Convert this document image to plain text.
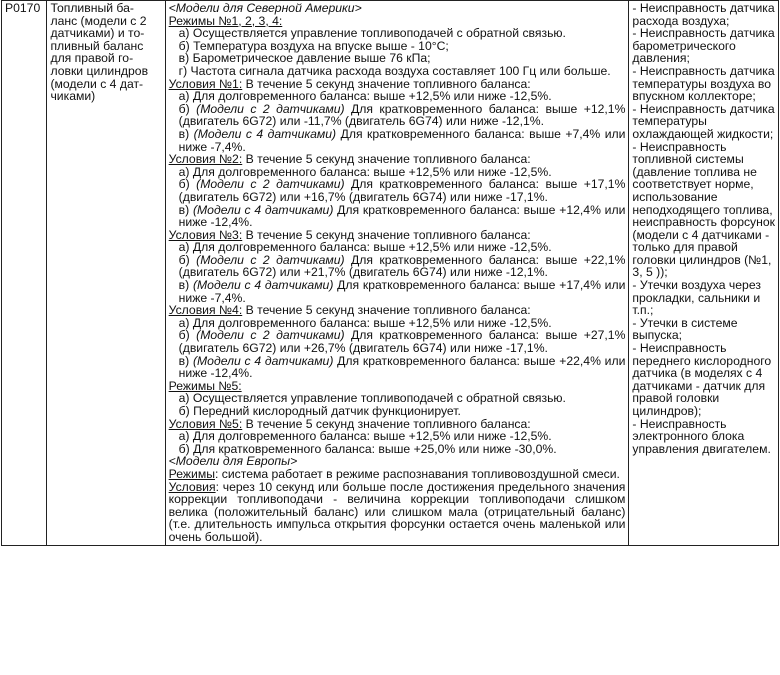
P0170	Топливный ба-
ланс (модели с 2
датчиками) и то-
пливный баланс
для правой го-
ловки цилиндров
(модели с 4 дат-
чиками)

<Модели для Северной Америки>
Режимы №1, 2, 3, 4:
а) Осуществляется управление топливоподачей с обратной связью.
б) Температура воздуха на впуске выше - 10°С;
в) Барометрическое давление выше 76 кПа;
г) Частота сигнала датчика расхода воздуха составляет 100 Гц или больше.
Условия №1: В течение 5 секунд значение топливного баланса:
а) Для долговременного баланса: выше +12,5% или ниже -12,5%.
б) (Модели с 2 датчиками) Для кратковременного баланса: выше +12,1% (двигатель 6G72) или -11,7% (двигатель 6G74) или ниже -12,1%.
в) (Модели с 4 датчиками) Для кратковременного баланса: выше +7,4% или ниже -7,4%.
Условия №2: В течение 5 секунд значение топливного баланса:
а) Для долговременного баланса: выше +12,5% или ниже -12,5%.
б) (Модели с 2 датчиками) Для кратковременного баланса: выше +17,1% (двигатель 6G72) или +16,7% (двигатель 6G74) или ниже -17,1%.
в) (Модели с 4 датчиками) Для кратковременного баланса: выше +12,4% или ниже -12,4%.
Условия №3: В течение 5 секунд значение топливного баланса:
а) Для долговременного баланса: выше +12,5% или ниже -12,5%.
б) (Модели с 2 датчиками) Для кратковременного баланса: выше +22,1% (двигатель 6G72) или +21,7% (двигатель 6G74) или ниже -12,1%.
в) (Модели с 4 датчиками) Для кратковременного баланса: выше +17,4% или ниже -7,4%.
Условия №4: В течение 5 секунд значение топливного баланса:
а) Для долговременного баланса: выше +12,5% или ниже -12,5%.
б) (Модели с 2 датчиками) Для кратковременного баланса: выше +27,1% (двигатель 6G72) или +26,7% (двигатель 6G74) или ниже -17,1%.
в) (Модели с 4 датчиками) Для кратковременного баланса: выше +22,4% или ниже -12,4%.
Режимы №5:
а) Осуществляется управление топливоподачей с обратной связью.
б) Передний кислородный датчик функционирует.
Условия №5: В течение 5 секунд значение топливного баланса:
а) Для долговременного баланса: выше +12,5% или ниже -12,5%.
б) Для кратковременного баланса: выше +25,0% или ниже -30,0%.
<Модели для Европы>
Режимы: система работает в режиме распознавания топливовоздушной смеси.
Условия: через 10 секунд или больше после достижения предельного значения коррекции топливоподачи - величина коррекции топливоподачи слишком велика (положительный баланс) или слишком мала (отрицательный баланс) (т.е. длительность импульса открытия форсунки остается очень маленькой или очень большой).

- Неисправность датчика расхода воздуха;
- Неисправность датчика барометрического давления;
- Неисправность датчика температуры воздуха во впускном коллекторе;
- Неисправность датчика температуры охлаждающей жидкости;
- Неисправность топливной системы (давление топлива не соответствует норме, использование неподходящего топлива, неисправность форсунок (модели с 4 датчиками - только для правой головки цилиндров (№1, 3, 5 ));
- Утечки воздуха через прокладки, сальники и т.п.;
- Утечки в системе выпуска;
- Неисправность переднего кислородного датчика (в моделях с 4 датчиками - датчик для правой головки цилиндров);
- Неисправность электронного блока управления двигателем.
